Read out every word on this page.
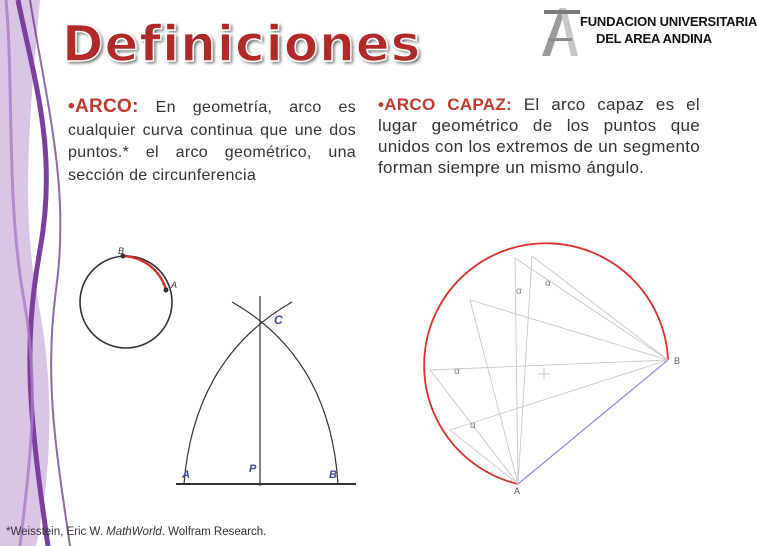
Definiciones	FUNDACION UNIVERSITARIA
DEL AREA ANDINA
•ARCO: En geometría, arco es cualquier curva continua que une dos puntos.* el arco geométrico, una sección de circunferencia
•ARCO CAPAZ: El arco capaz es el lugar geométrico de los puntos que unidos con los extremos de un segmento forman siempre un mismo ángulo.
B
A
C
A	P	B
A
B
α
α
α
α
*Weisstein, Eric W. MathWorld. Wolfram Research.
